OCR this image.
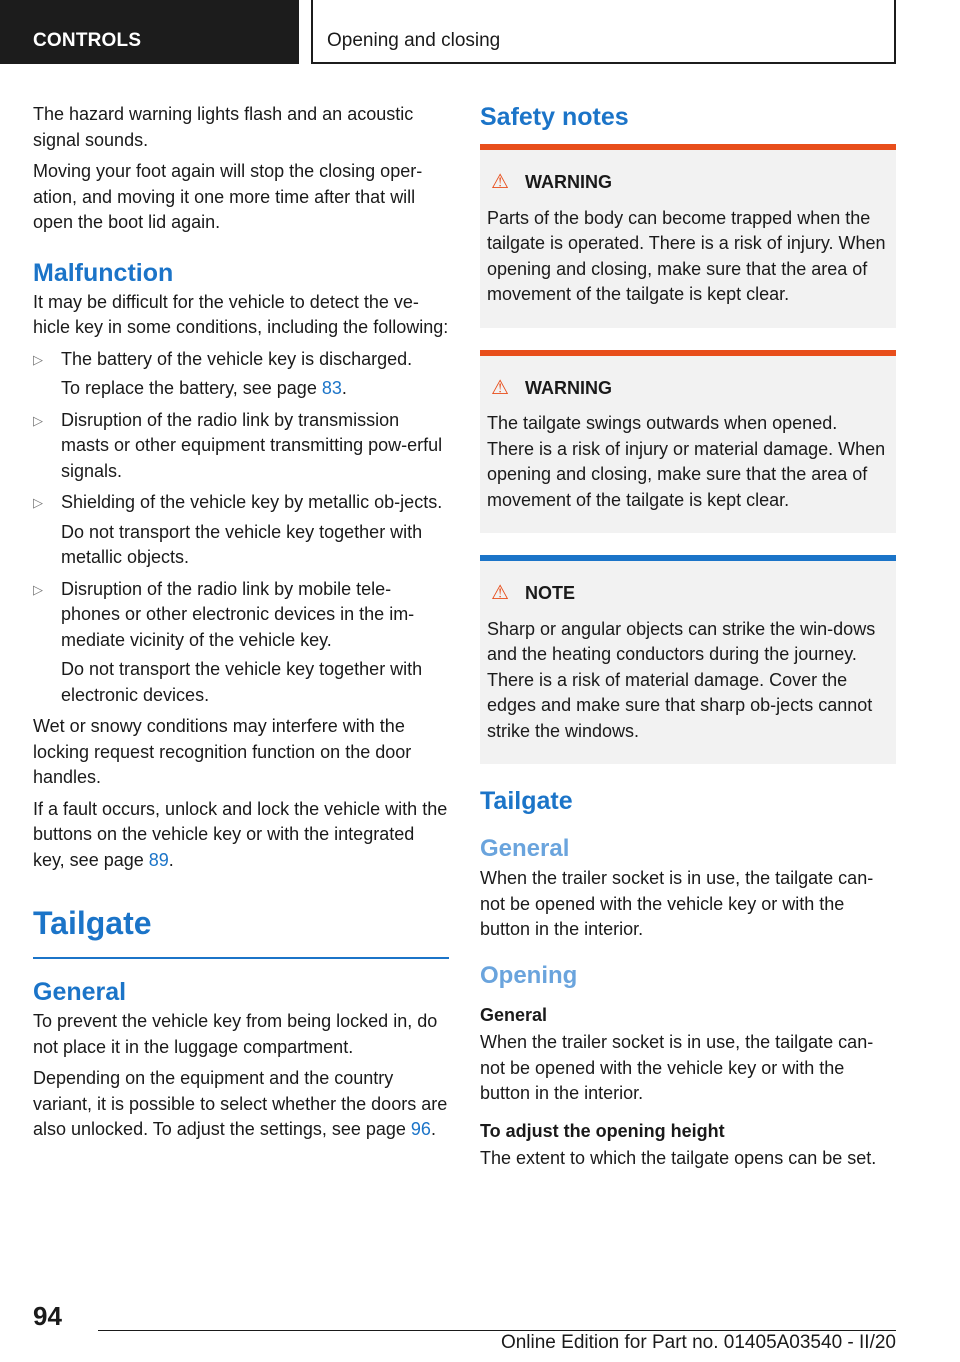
CONTROLS	Opening and closing

The hazard warning lights flash and an acoustic signal sounds.

Moving your foot again will stop the closing oper-ation, and moving it one more time after that will open the boot lid again.

Malfunction

It may be difficult for the vehicle to detect the ve-hicle key in some conditions, including the following:

▷ The battery of the vehicle key is discharged.

To replace the battery, see page 83.

▷ Disruption of the radio link by transmission masts or other equipment transmitting pow-erful signals.

▷ Shielding of the vehicle key by metallic ob-jects.

Do not transport the vehicle key together with metallic objects.

▷ Disruption of the radio link by mobile tele-phones or other electronic devices in the im-mediate vicinity of the vehicle key.

Do not transport the vehicle key together with electronic devices.

Wet or snowy conditions may interfere with the locking request recognition function on the door handles.

If a fault occurs, unlock and lock the vehicle with the buttons on the vehicle key or with the integrated key, see page 89.

Tailgate
General

To prevent the vehicle key from being locked in, do not place it in the luggage compartment.

Depending on the equipment and the country variant, it is possible to select whether the doors are also unlocked. To adjust the settings, see page 96.

Safety notes
⚠ WARNING

Parts of the body can become trapped when the tailgate is operated. There is a risk of injury. When opening and closing, make sure that the area of movement of the tailgate is kept clear.

⚠ WARNING

The tailgate swings outwards when opened. There is a risk of injury or material damage. When opening and closing, make sure that the area of movement of the tailgate is kept clear.

⚠ NOTE

Sharp or angular objects can strike the win-dows and the heating conductors during the journey. There is a risk of material damage. Cover the edges and make sure that sharp ob-jects cannot strike the windows.

Tailgate
General

When the trailer socket is in use, the tailgate can-not be opened with the vehicle key or with the button in the interior.

Opening
General

When the trailer socket is in use, the tailgate can-not be opened with the vehicle key or with the button in the interior.

To adjust the opening height

The extent to which the tailgate opens can be set.

94
Online Edition for Part no. 01405A03540 - II/20
